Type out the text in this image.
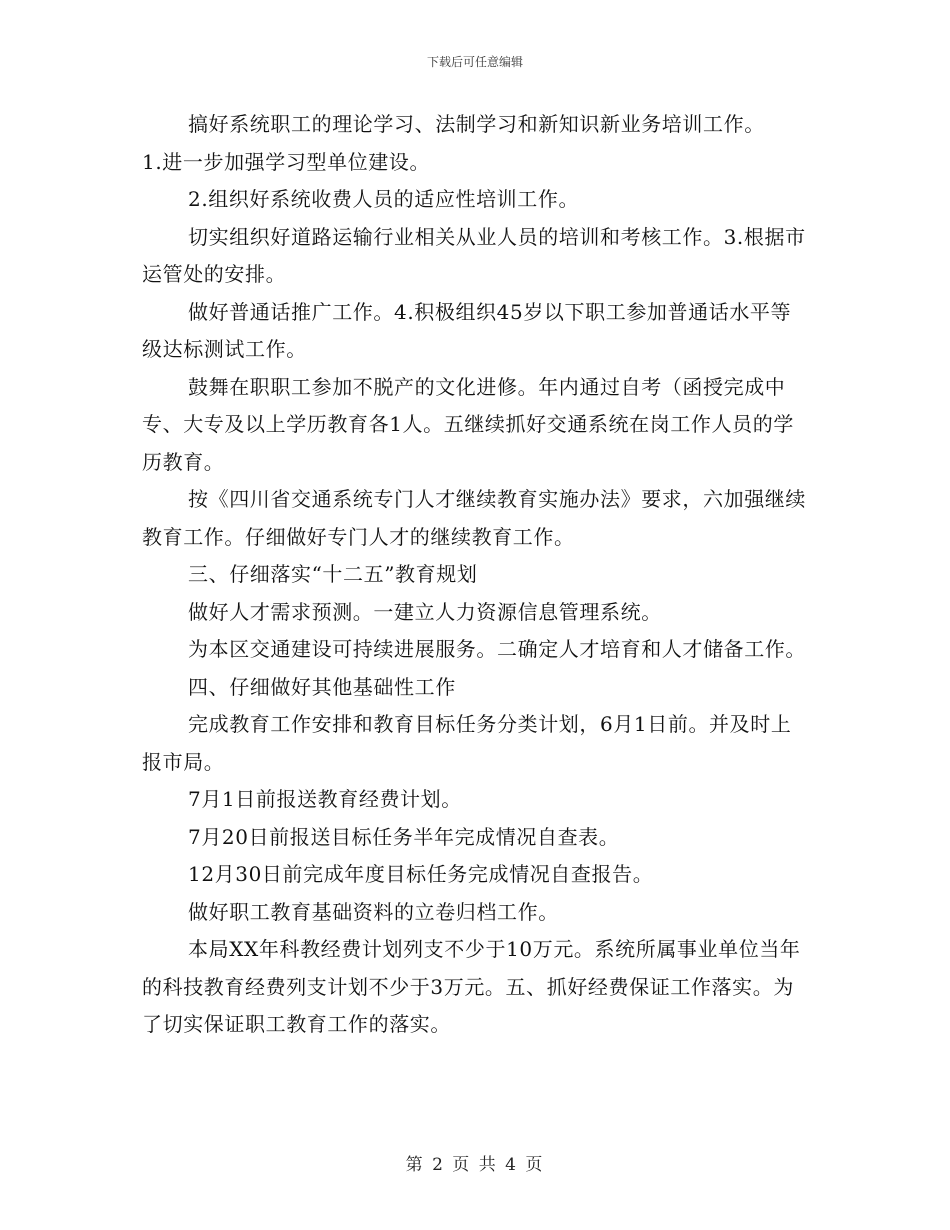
下载后可任意编辑

搞好系统职工的理论学习、法制学习和新知识新业务培训工作。

1.进一步加强学习型单位建设。

2.组织好系统收费人员的适应性培训工作。

切实组织好道路运输行业相关从业人员的培训和考核工作。3.根据市运管处的安排。

做好普通话推广工作。4.积极组织45岁以下职工参加普通话水平等级达标测试工作。

鼓舞在职职工参加不脱产的文化进修。年内通过自考（函授完成中专、大专及以上学历教育各1人。五继续抓好交通系统在岗工作人员的学历教育。

按《四川省交通系统专门人才继续教育实施办法》要求，六加强继续教育工作。仔细做好专门人才的继续教育工作。

三、仔细落实“十二五”教育规划

做好人才需求预测。一建立人力资源信息管理系统。

为本区交通建设可持续进展服务。二确定人才培育和人才储备工作。

四、仔细做好其他基础性工作

完成教育工作安排和教育目标任务分类计划，6月1日前。并及时上报市局。

7月1日前报送教育经费计划。

7月20日前报送目标任务半年完成情况自查表。

12月30日前完成年度目标任务完成情况自查报告。

做好职工教育基础资料的立卷归档工作。

本局XX年科教经费计划列支不少于10万元。系统所属事业单位当年的科技教育经费列支计划不少于3万元。五、抓好经费保证工作落实。为了切实保证职工教育工作的落实。

第 2 页 共 4 页
